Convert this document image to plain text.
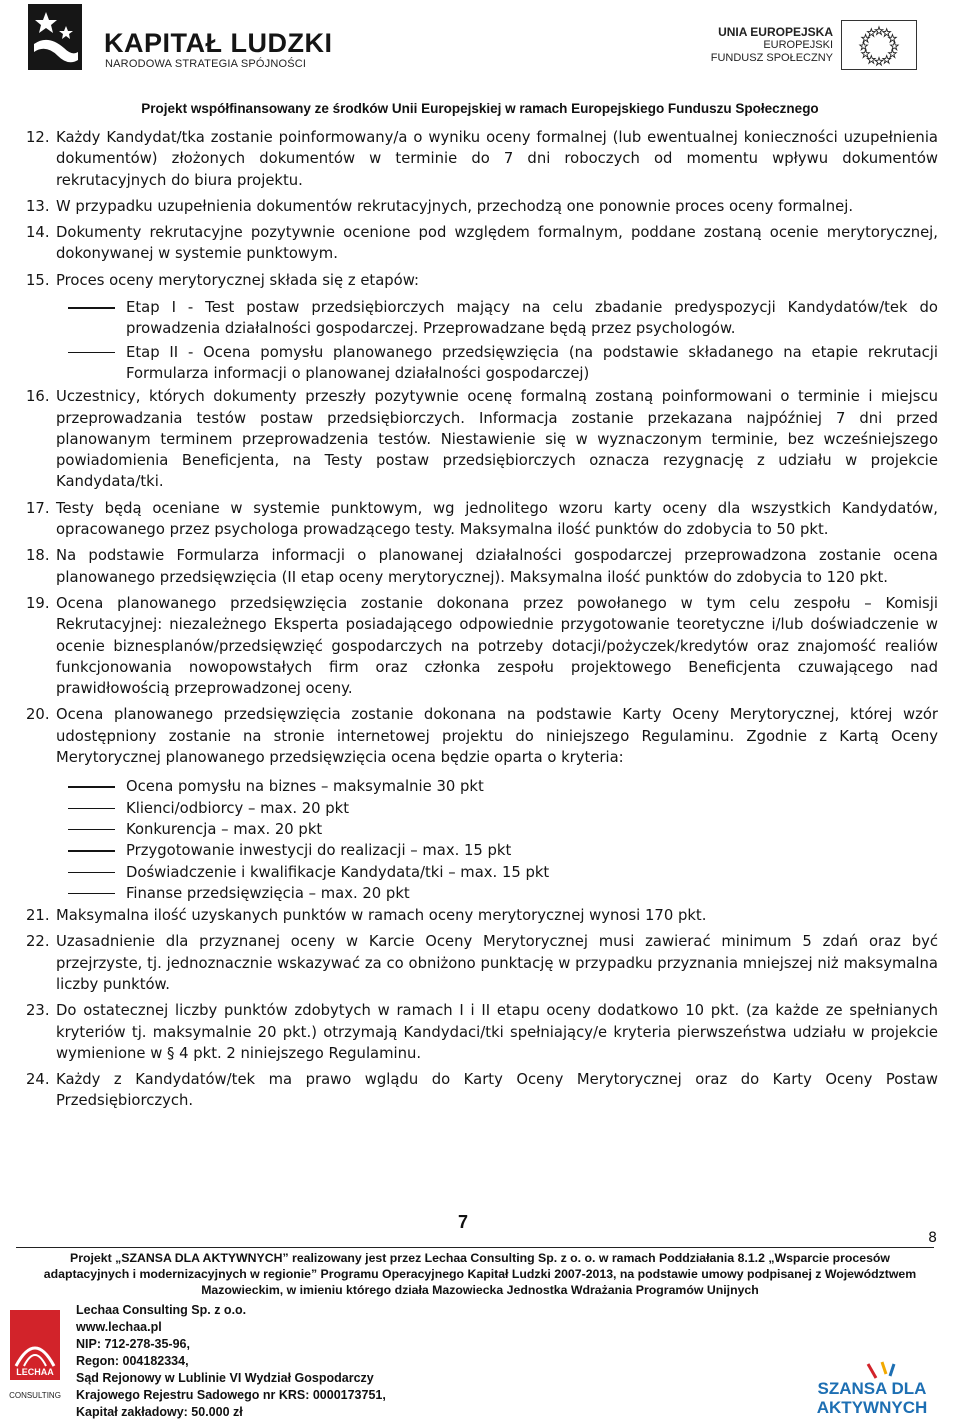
KAPITAŁ LUDZKI
NARODOWA STRATEGIA SPÓJNOŚCI
UNIA EUROPEJSKA
EUROPEJSKI
FUNDUSZ SPOŁECZNY
Projekt współfinansowany ze środków Unii Europejskiej w ramach Europejskiego Funduszu Społecznego
12. Każdy Kandydat/tka zostanie poinformowany/a o wyniku oceny formalnej (lub ewentualnej konieczności uzupełnienia dokumentów) złożonych dokumentów w terminie do 7 dni roboczych od momentu wpływu dokumentów rekrutacyjnych do biura projektu.
13. W przypadku uzupełnienia dokumentów rekrutacyjnych, przechodzą one ponownie proces oceny formalnej.
14. Dokumenty rekrutacyjne pozytywnie ocenione pod względem formalnym, poddane zostaną ocenie merytorycznej, dokonywanej w systemie punktowym.
15. Proces oceny merytorycznej składa się z etapów:
Etap I - Test postaw przedsiębiorczych mający na celu zbadanie predyspozycji Kandydatów/tek do prowadzenia działalności gospodarczej. Przeprowadzane będą przez psychologów.
Etap II - Ocena pomysłu planowanego przedsięwzięcia (na podstawie składanego na etapie rekrutacji Formularza informacji o planowanej działalności gospodarczej)
16. Uczestnicy, których dokumenty przeszły pozytywnie ocenę formalną zostaną poinformowani o terminie i miejscu przeprowadzania testów postaw przedsiębiorczych. Informacja zostanie przekazana najpóźniej 7 dni przed planowanym terminem przeprowadzenia testów. Niestawienie się w wyznaczonym terminie, bez wcześniejszego powiadomienia Beneficjenta, na Testy postaw przedsiębiorczych oznacza rezygnację z udziału w projekcie Kandydata/tki.
17. Testy będą oceniane w systemie punktowym, wg jednolitego wzoru karty oceny dla wszystkich Kandydatów, opracowanego przez psychologa prowadzącego testy. Maksymalna ilość punktów do zdobycia to 50 pkt.
18. Na podstawie Formularza informacji o planowanej działalności gospodarczej przeprowadzona zostanie ocena planowanego przedsięwzięcia (II etap oceny merytorycznej). Maksymalna ilość punktów do zdobycia to 120 pkt.
19. Ocena planowanego przedsięwzięcia zostanie dokonana przez powołanego w tym celu zespołu – Komisji Rekrutacyjnej: niezależnego Eksperta posiadającego odpowiednie przygotowanie teoretyczne i/lub doświadczenie w ocenie biznesplanów/przedsięwzięć gospodarczych na potrzeby dotacji/pożyczek/kredytów oraz znajomość realiów funkcjonowania nowopowstałych firm oraz członka zespołu projektowego Beneficjenta czuwającego nad prawidłowością przeprowadzonej oceny.
20. Ocena planowanego przedsięwzięcia zostanie dokonana na podstawie Karty Oceny Merytorycznej, której wzór udostępniony zostanie na stronie internetowej projektu do niniejszego Regulaminu. Zgodnie z Kartą Oceny Merytorycznej planowanego przedsięwzięcia ocena będzie oparta o kryteria:
Ocena pomysłu na biznes – maksymalnie 30 pkt
Klienci/odbiorcy – max. 20 pkt
Konkurencja – max. 20 pkt
Przygotowanie inwestycji do realizacji – max. 15 pkt
Doświadczenie i kwalifikacje Kandydata/tki – max. 15 pkt
Finanse przedsięwzięcia – max. 20 pkt
21. Maksymalna ilość uzyskanych punktów w ramach oceny merytorycznej wynosi 170 pkt.
22. Uzasadnienie dla przyznanej oceny w Karcie Oceny Merytorycznej musi zawierać minimum 5 zdań oraz być przejrzyste, tj. jednoznacznie wskazywać za co obniżono punktację w przypadku przyznania mniejszej niż maksymalna liczby punktów.
23. Do ostatecznej liczby punktów zdobytych w ramach I i II etapu oceny dodatkowo 10 pkt. (za każde ze spełnianych kryteriów tj. maksymalnie 20 pkt.) otrzymają Kandydaci/tki spełniający/e kryteria pierwszeństwa udziału w projekcie wymienione w § 4 pkt. 2 niniejszego Regulaminu.
24. Każdy z Kandydatów/tek ma prawo wglądu do Karty Oceny Merytorycznej oraz do Karty Oceny Postaw Przedsiębiorczych.
7
8
Projekt „SZANSA DLA AKTYWNYCH” realizowany jest przez Lechaa Consulting Sp. z o. o. w ramach Poddziałania 8.1.2 „Wsparcie procesów adaptacyjnych i modernizacyjnych w regionie” Programu Operacyjnego Kapitał Ludzki 2007-2013, na podstawie umowy podpisanej z Województwem Mazowieckim, w imieniu którego działa Mazowiecka Jednostka Wdrażania Programów Unijnych
LECHAA
CONSULTING
Lechaa Consulting Sp. z o.o.
www.lechaa.pl
NIP: 712-278-35-96,
Regon: 004182334,
Sąd Rejonowy w Lublinie VI Wydział Gospodarczy
Krajowego Rejestru Sadowego nr KRS: 0000173751,
Kapitał zakładowy: 50.000 zł
SZANSA DLA
AKTYWNYCH
